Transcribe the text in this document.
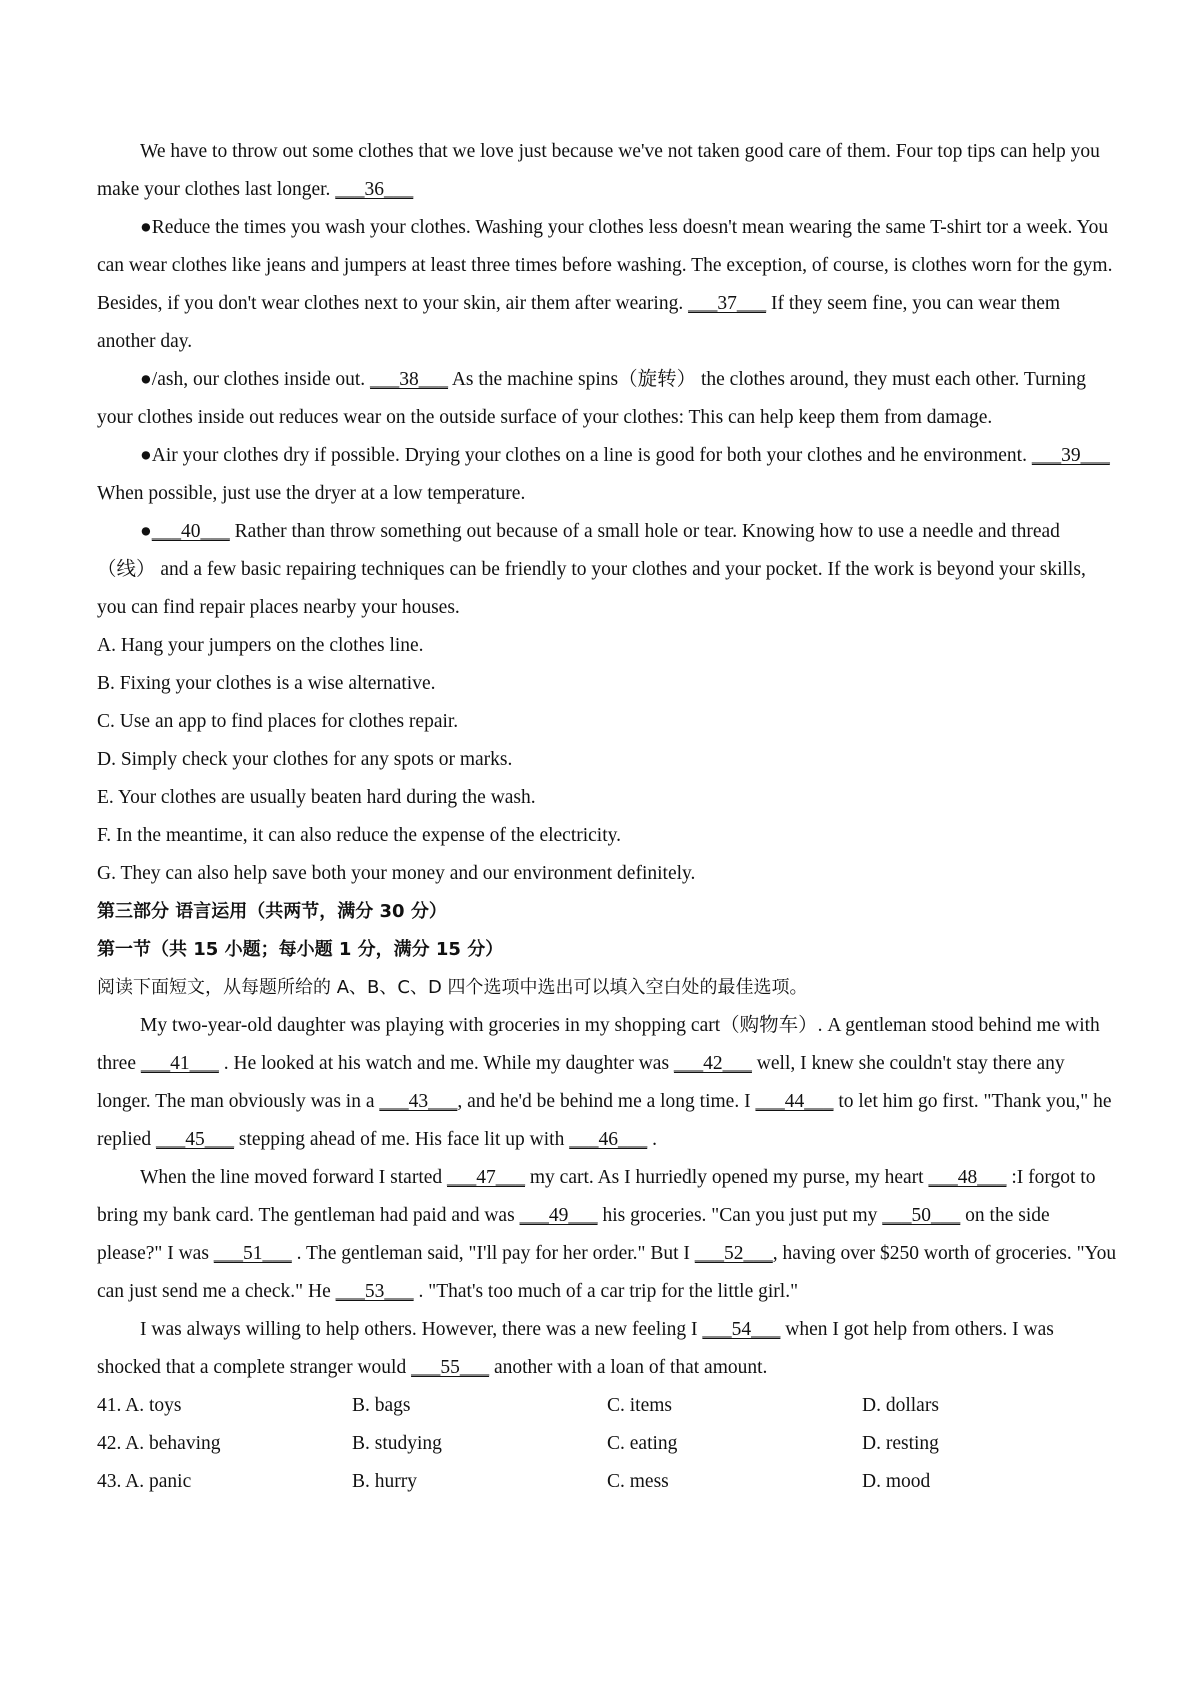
We have to throw out some clothes that we love just because we've not taken good care of them. Four top tips can help you make your clothes last longer. ___36___

●Reduce the times you wash your clothes. Washing your clothes less doesn't mean wearing the same T-shirt tor a week. You can wear clothes like jeans and jumpers at least three times before washing. The exception, of course, is clothes worn for the gym. Besides, if you don't wear clothes next to your skin, air them after wearing. ___37___ If they seem fine, you can wear them another day.

●/ash, our clothes inside out. ___38___ As the machine spins（旋转） the clothes around, they must each other. Turning your clothes inside out reduces wear on the outside surface of your clothes: This can help keep them from damage.

●Air your clothes dry if possible. Drying your clothes on a line is good for both your clothes and he environment. ___39___ When possible, just use the dryer at a low temperature.

●___40___ Rather than throw something out because of a small hole or tear. Knowing how to use a needle and thread（线） and a few basic repairing techniques can be friendly to your clothes and your pocket. If the work is beyond your skills, you can find repair places nearby your houses.

A. Hang your jumpers on the clothes line.

B. Fixing your clothes is a wise alternative.

C. Use an app to find places for clothes repair.

D. Simply check your clothes for any spots or marks.

E. Your clothes are usually beaten hard during the wash.

F. In the meantime, it can also reduce the expense of the electricity.

G. They can also help save both your money and our environment definitely.

第三部分 语言运用（共两节，满分 30 分）

第一节（共 15 小题；每小题 1 分，满分 15 分）

阅读下面短文，从每题所给的 A、B、C、D 四个选项中选出可以填入空白处的最佳选项。

My two-year-old daughter was playing with groceries in my shopping cart（购物车）. A gentleman stood behind me with three ___41___ . He looked at his watch and me. While my daughter was ___42___ well, I knew she couldn't stay there any longer. The man obviously was in a ___43___, and he'd be behind me a long time. I ___44___ to let him go first. "Thank you," he replied ___45___ stepping ahead of me. His face lit up with ___46___ .

When the line moved forward I started ___47___ my cart. As I hurriedly opened my purse, my heart ___48___ :I forgot to bring my bank card. The gentleman had paid and was ___49___ his groceries. "Can you just put my ___50___ on the side please?" I was ___51___ . The gentleman said, "I'll pay for her order." But I ___52___, having over $250 worth of groceries. "You can just send me a check." He ___53___ . "That's too much of a car trip for the little girl."

I was always willing to help others. However, there was a new feeling I ___54___ when I got help from others. I was shocked that a complete stranger would ___55___ another with a loan of that amount.

41. A. toys	B. bags	C. items	D. dollars
42. A. behaving	B. studying	C. eating	D. resting
43. A. panic	B. hurry	C. mess	D. mood
